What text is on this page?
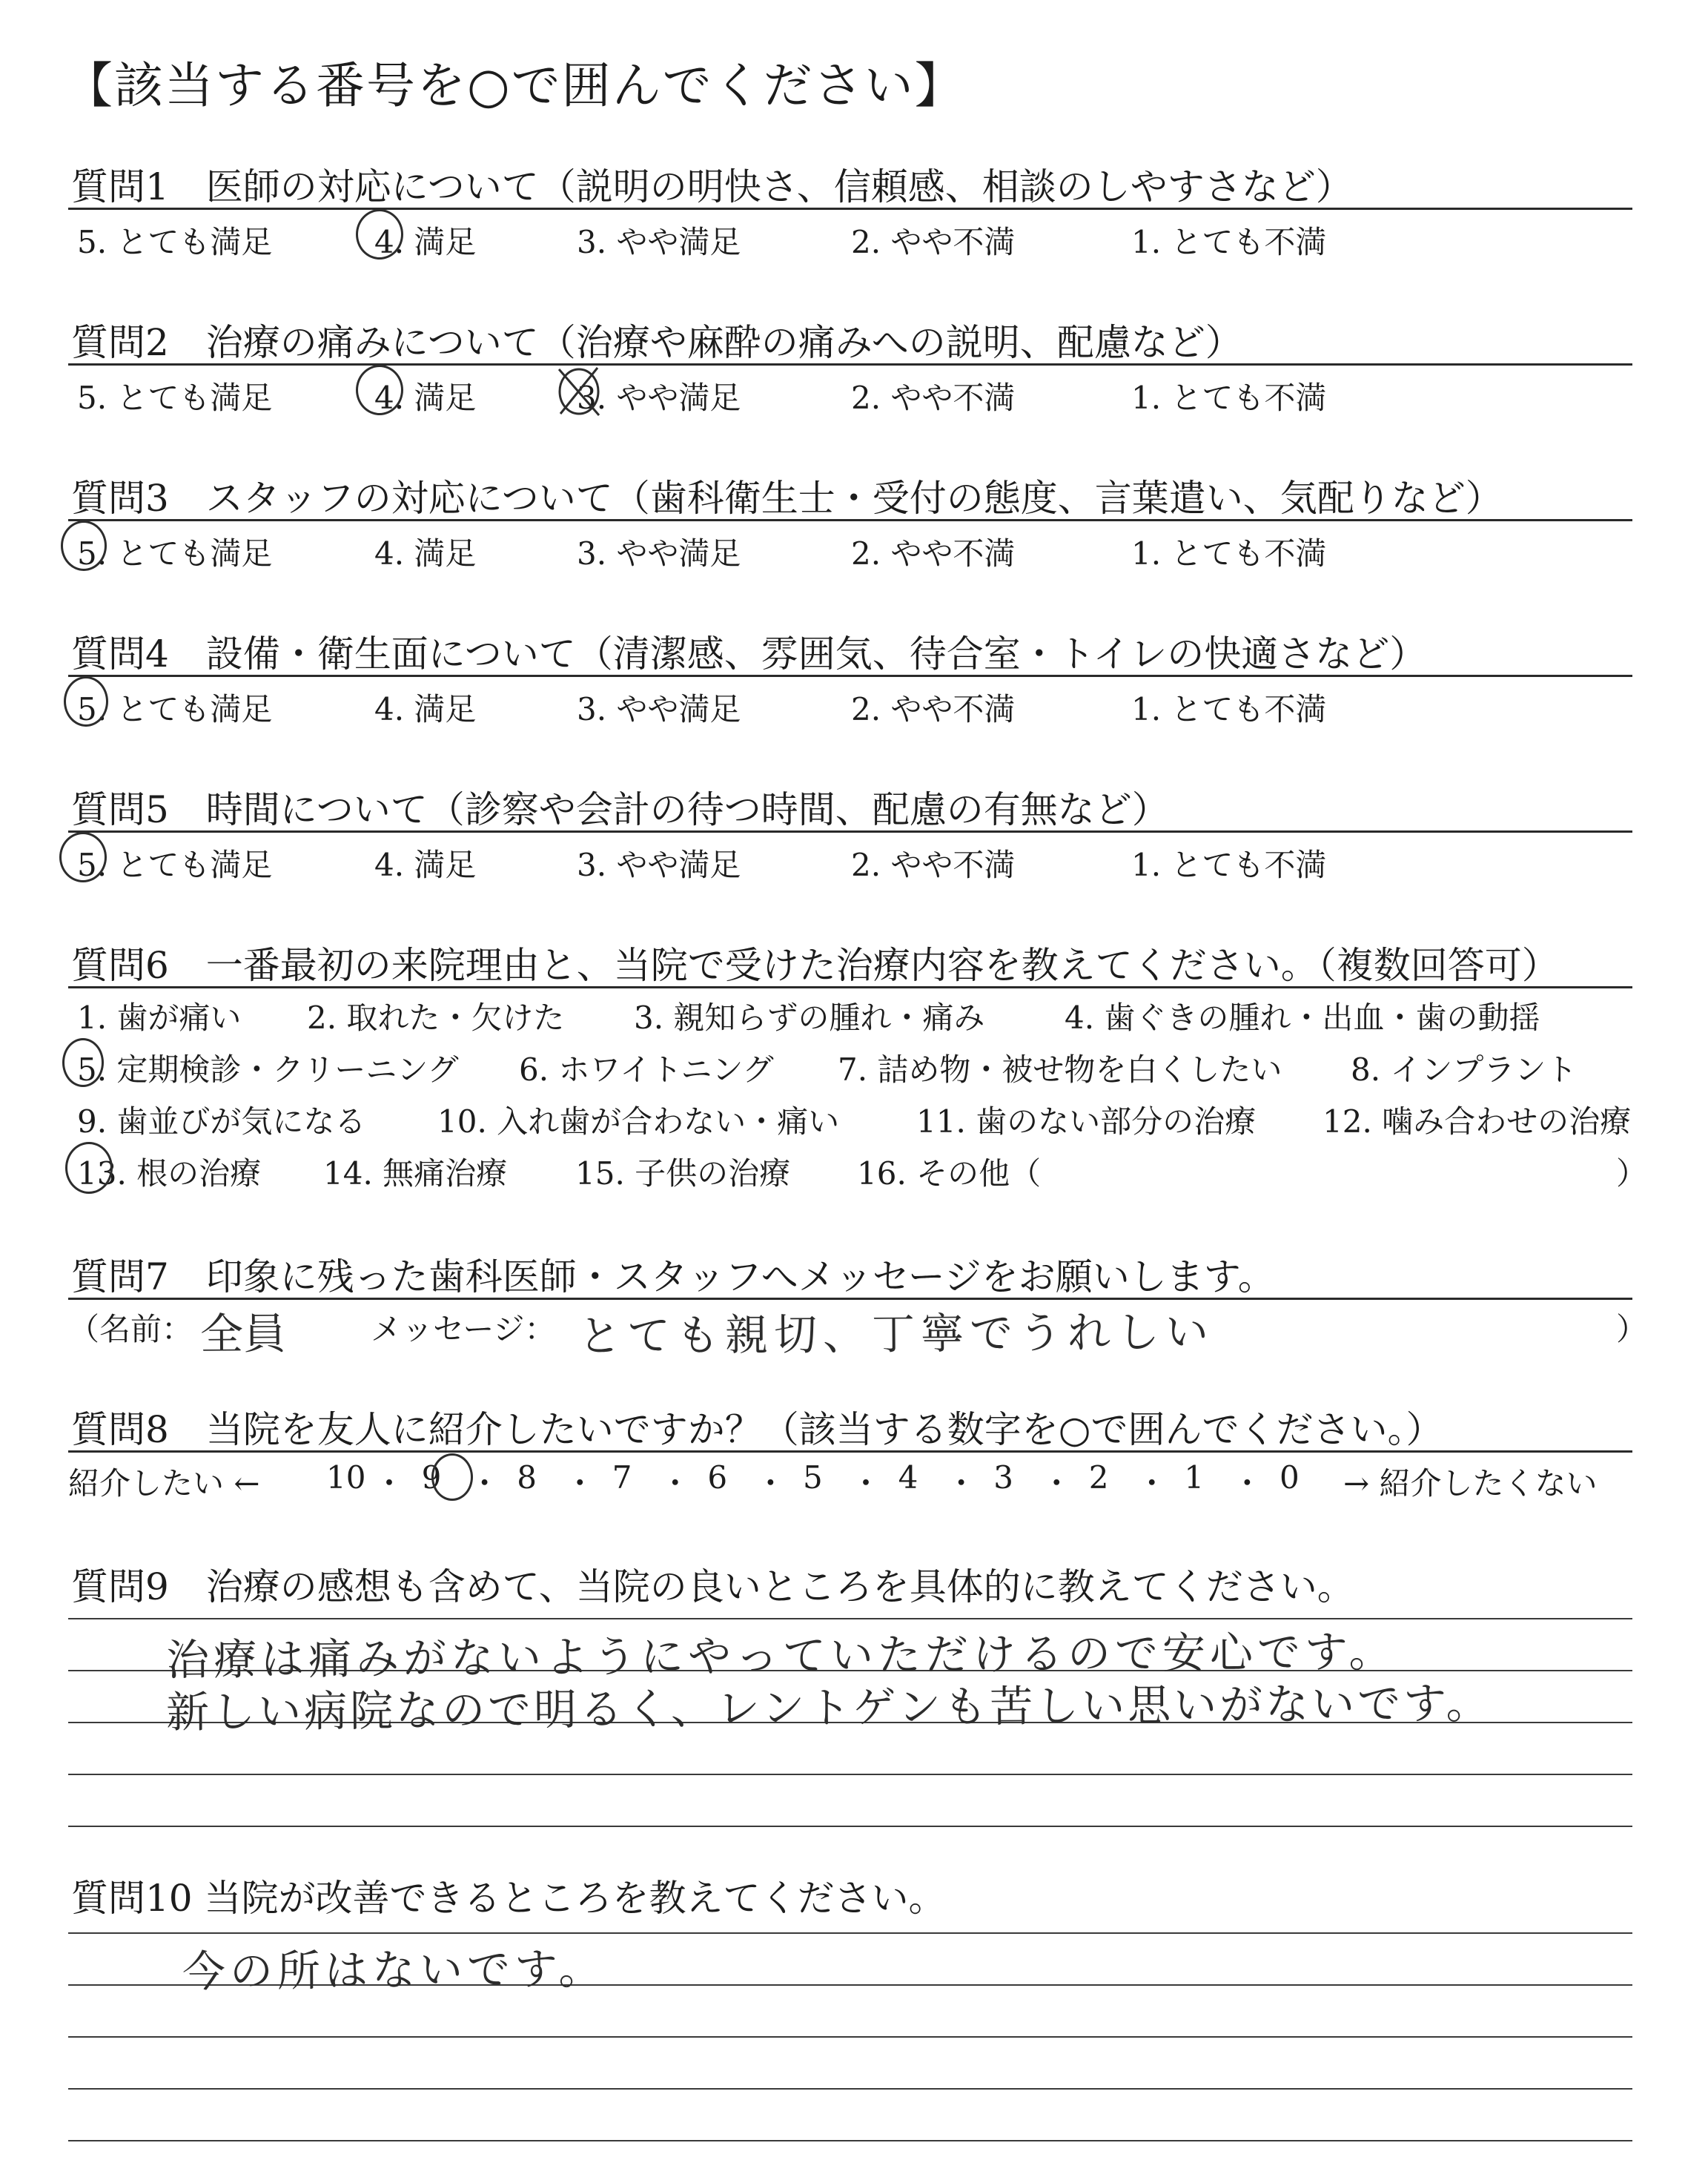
【該当する番号を○で囲んでください】
質問1　医師の対応について（説明の明快さ、信頼感、相談のしやすさなど）
5. とても満足	4. 満足	3. やや満足	2. やや不満	1. とても不満
質問2　治療の痛みについて（治療や麻酔の痛みへの説明、配慮など）
5. とても満足	4. 満足	3. やや満足	2. やや不満	1. とても不満
質問3　スタッフの対応について（歯科衛生士・受付の態度、言葉遣い、気配りなど）
5. とても満足	4. 満足	3. やや満足	2. やや不満	1. とても不満
質問4　設備・衛生面について（清潔感、雰囲気、待合室・トイレの快適さなど）
5. とても満足	4. 満足	3. やや満足	2. やや不満	1. とても不満
質問5　時間について（診察や会計の待つ時間、配慮の有無など）
5. とても満足	4. 満足	3. やや満足	2. やや不満	1. とても不満
質問6　一番最初の来院理由と、当院で受けた治療内容を教えてください。（複数回答可）
1. 歯が痛い 2. 取れた・欠けた 3. 親知らずの腫れ・痛み	4. 歯ぐきの腫れ・出血・歯の動揺
5. 定期検診・クリーニング 6. ホワイトニング 7. 詰め物・被せ物を白くしたい 8. インプラント
9. 歯並びが気になる 10. 入れ歯が合わない・痛い 11. 歯のない部分の治療 12. 噛み合わせの治療
13. 根の治療 14. 無痛治療 15. 子供の治療 16. その他（	）
質問7　印象に残った歯科医師・スタッフへメッセージをお願いします。
（名前： 全員	メッセージ： とても親切、丁寧でうれしい	）
質問8　当院を友人に紹介したいですか？（該当する数字を○で囲んでください。）
紹介したい ← 10 ・ 9 ・ 8 ・ 7 ・ 6 ・ 5 ・ 4 ・ 3 ・ 2 ・ 1 ・ 0 → 紹介したくない
質問9　治療の感想も含めて、当院の良いところを具体的に教えてください。
治療は痛みがないようにやっていただけるので安心です。
新しい病院なので明るく、レントゲンも苦しい思いがないです。
質問10 当院が改善できるところを教えてください。
今の所はないです。
